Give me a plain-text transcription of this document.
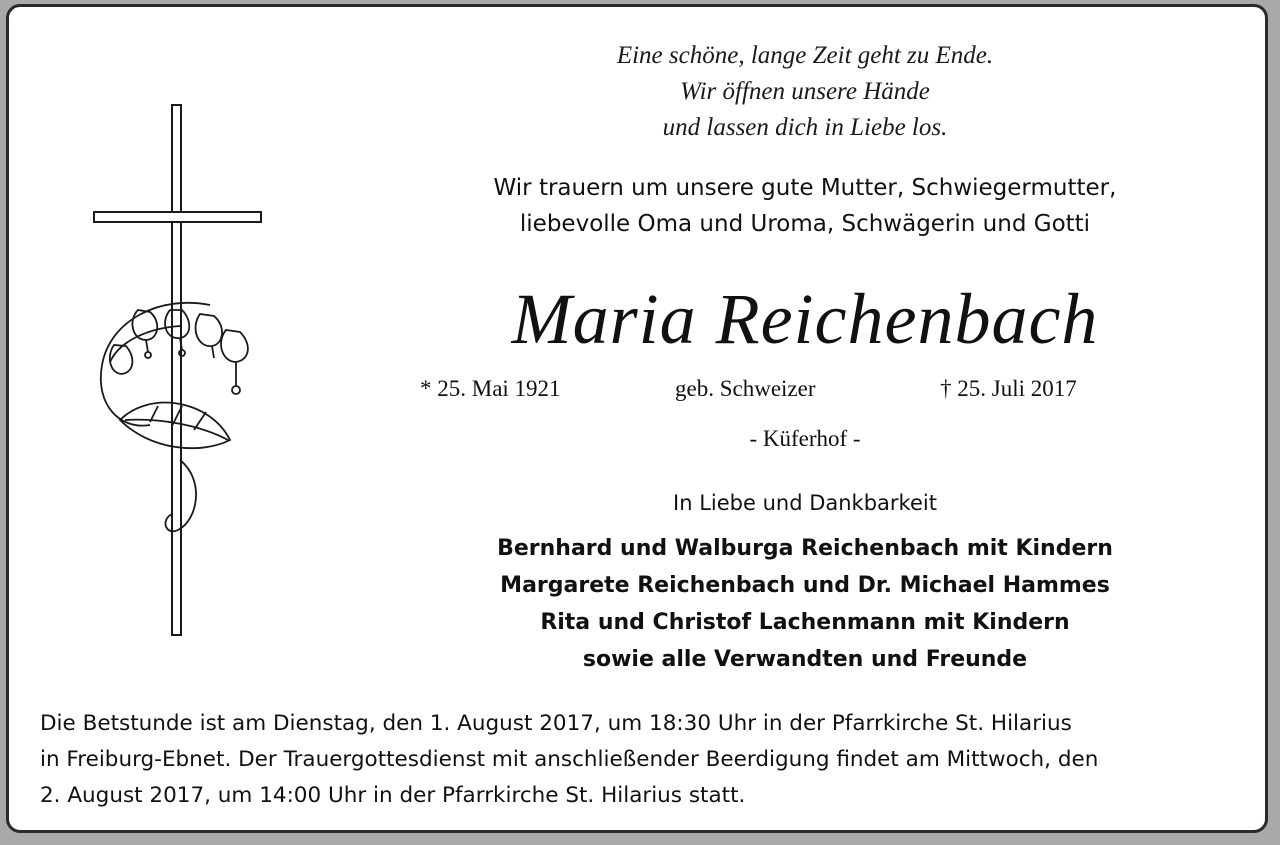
Eine schöne, lange Zeit geht zu Ende.
Wir öffnen unsere Hände
und lassen dich in Liebe los.
Wir trauern um unsere gute Mutter, Schwiegermutter,
liebevolle Oma und Uroma, Schwägerin und Gotti
Maria Reichenbach
* 25. Mai 1921	geb. Schweizer	† 25. Juli 2017
- Küferhof -
In Liebe und Dankbarkeit
Bernhard und Walburga Reichenbach mit Kindern
Margarete Reichenbach und Dr. Michael Hammes
Rita und Christof Lachenmann mit Kindern
sowie alle Verwandten und Freunde
Die Betstunde ist am Dienstag, den 1. August 2017, um 18:30 Uhr in der Pfarrkirche St. Hilarius
in Freiburg-Ebnet. Der Trauergottesdienst mit anschließender Beerdigung findet am Mittwoch, den
2. August 2017, um 14:00 Uhr in der Pfarrkirche St. Hilarius statt.
